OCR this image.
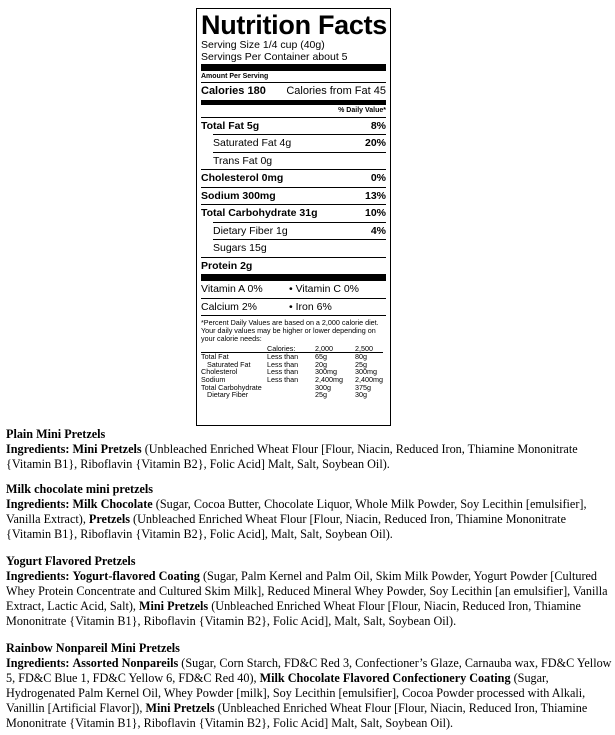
Nutrition Facts
Serving Size 1/4 cup (40g)
Servings Per Container about 5
Amount Per Serving
Calories 180 Calories from Fat 45
% Daily Value*
Total Fat 5g	8%
Saturated Fat 4g	20%
Trans Fat 0g
Cholesterol 0mg	0%
Sodium 300mg	13%
Total Carbohydrate 31g	10%
Dietary Fiber 1g	4%
Sugars 15g
Protein 2g
Vitamin A 0%	• Vitamin C 0%
Calcium 2%	• Iron 6%
*Percent Daily Values are based on a 2,000 calorie diet. Your daily values may be higher or lower depending on your calorie needs:
	Calories:	2,000	2,500
Total Fat	Less than	65g	80g
Saturated Fat	Less than	20g	25g
Cholesterol	Less than	300mg	300mg
Sodium	Less than	2,400mg	2,400mg
Total Carbohydrate		300g	375g
Dietary Fiber		25g	30g

Plain Mini Pretzels

Ingredients: Mini Pretzels (Unbleached Enriched Wheat Flour [Flour, Niacin, Reduced Iron, Thiamine Mononitrate {Vitamin B1}, Riboflavin {Vitamin B2}, Folic Acid] Malt, Salt, Soybean Oil).

Milk chocolate mini pretzels

Ingredients: Milk Chocolate (Sugar, Cocoa Butter, Chocolate Liquor, Whole Milk Powder, Soy Lecithin [emulsifier], Vanilla Extract), Pretzels (Unbleached Enriched Wheat Flour [Flour, Niacin, Reduced Iron, Thiamine Mononitrate {Vitamin B1}, Riboflavin {Vitamin B2}, Folic Acid], Malt, Salt, Soybean Oil).

Yogurt Flavored Pretzels

Ingredients: Yogurt-flavored Coating (Sugar, Palm Kernel and Palm Oil, Skim Milk Powder, Yogurt Powder [Cultured Whey Protein Concentrate and Cultured Skim Milk], Reduced Mineral Whey Powder, Soy Lecithin [an emulsifier], Vanilla Extract, Lactic Acid, Salt), Mini Pretzels (Unbleached Enriched Wheat Flour [Flour, Niacin, Reduced Iron, Thiamine Mononitrate {Vitamin B1}, Riboflavin {Vitamin B2}, Folic Acid], Malt, Salt, Soybean Oil).

Rainbow Nonpareil Mini Pretzels

Ingredients: Assorted Nonpareils (Sugar, Corn Starch, FD&C Red 3, Confectioner’s Glaze, Carnauba wax, FD&C Yellow 5, FD&C Blue 1, FD&C Yellow 6, FD&C Red 40), Milk Chocolate Flavored Confectionery Coating (Sugar, Hydrogenated Palm Kernel Oil, Whey Powder [milk], Soy Lecithin [emulsifier], Cocoa Powder processed with Alkali, Vanillin [Artificial Flavor]), Mini Pretzels (Unbleached Enriched Wheat Flour [Flour, Niacin, Reduced Iron, Thiamine Mononitrate {Vitamin B1}, Riboflavin {Vitamin B2}, Folic Acid] Malt, Salt, Soybean Oil).
